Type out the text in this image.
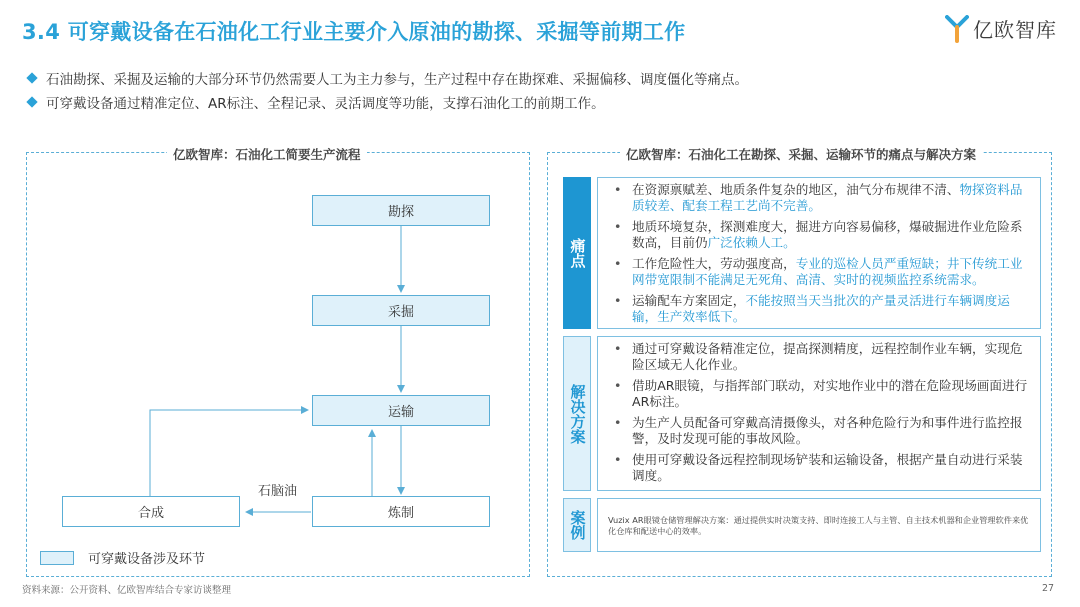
3.4 可穿戴设备在石油化工行业主要介入原油的勘探、采掘等前期工作	亿欧智库
石油勘探、采掘及运输的大部分环节仍然需要人工为主力参与，生产过程中存在勘探难、采掘偏移、调度僵化等痛点。
可穿戴设备通过精准定位、AR标注、全程记录、灵活调度等功能，支撑石油化工的前期工作。
亿欧智库：石油化工简要生产流程
勘探
采掘
运输
炼制
合成
石脑油
可穿戴设备涉及环节
亿欧智库：石油化工在勘探、采掘、运输环节的痛点与解决方案
痛点
• 在资源禀赋差、地质条件复杂的地区，油气分布规律不清、物探资料品质较差、配套工程工艺尚不完善。
• 地质环境复杂，探测难度大，掘进方向容易偏移，爆破掘进作业危险系数高，目前仍广泛依赖人工。
• 工作危险性大，劳动强度高，专业的巡检人员严重短缺；井下传统工业网带宽限制不能满足无死角、高清、实时的视频监控系统需求。
• 运输配车方案固定，不能按照当天当批次的产量灵活进行车辆调度运输，生产效率低下。
解决方案
• 通过可穿戴设备精准定位，提高探测精度，远程控制作业车辆，实现危险区域无人化作业。
• 借助AR眼镜，与指挥部门联动，对实地作业中的潜在危险现场画面进行AR标注。
• 为生产人员配备可穿戴高清摄像头，对各种危险行为和事件进行监控报警，及时发现可能的事故风险。
• 使用可穿戴设备远程控制现场铲装和运输设备，根据产量自动进行采装调度。
案例	Vuzix AR眼镜仓储管理解决方案：通过提供实时决策支持、即时连接工人与主管、自主技术机器和企业管理软件来优化仓库和配送中心的效率。
资料来源：公开资料、亿欧智库结合专家访谈整理	27
